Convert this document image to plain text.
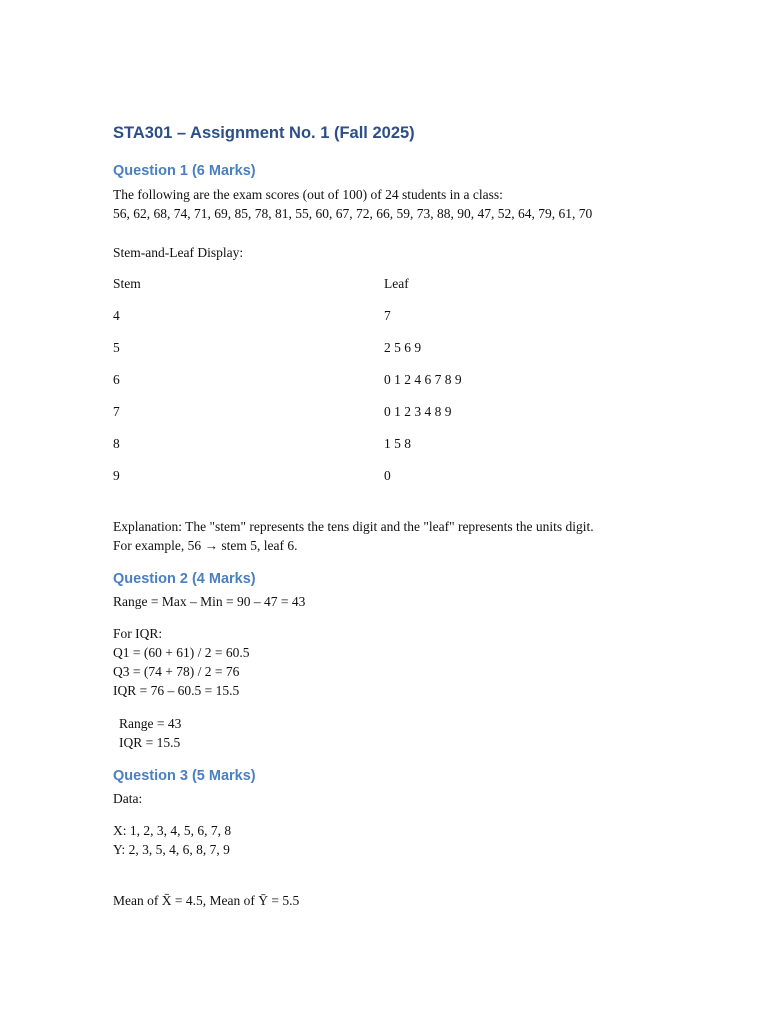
STA301 – Assignment No. 1 (Fall 2025)
Question 1 (6 Marks)

The following are the exam scores (out of 100) of 24 students in a class:

56, 62, 68, 74, 71, 69, 85, 78, 81, 55, 60, 67, 72, 66, 59, 73, 88, 90, 47, 52, 64, 79, 61, 70

Stem-and-Leaf Display:

Stem	Leaf
4	7
5	2 5 6 9
6	0 1 2 4 6 7 8 9
7	0 1 2 3 4 8 9
8	1 5 8
9	0

Explanation: The "stem" represents the tens digit and the "leaf" represents the units digit.

For example, 56 → stem 5, leaf 6.

Question 2 (4 Marks)

Range = Max – Min = 90 – 47 = 43

For IQR:

Q1 = (60 + 61) / 2 = 60.5

Q3 = (74 + 78) / 2 = 76

IQR = 76 – 60.5 = 15.5

Range = 43

IQR = 15.5

Question 3 (5 Marks)

Data:

X: 1, 2, 3, 4, 5, 6, 7, 8

Y: 2, 3, 5, 4, 6, 8, 7, 9

Mean of X̄ = 4.5, Mean of Ȳ = 5.5
